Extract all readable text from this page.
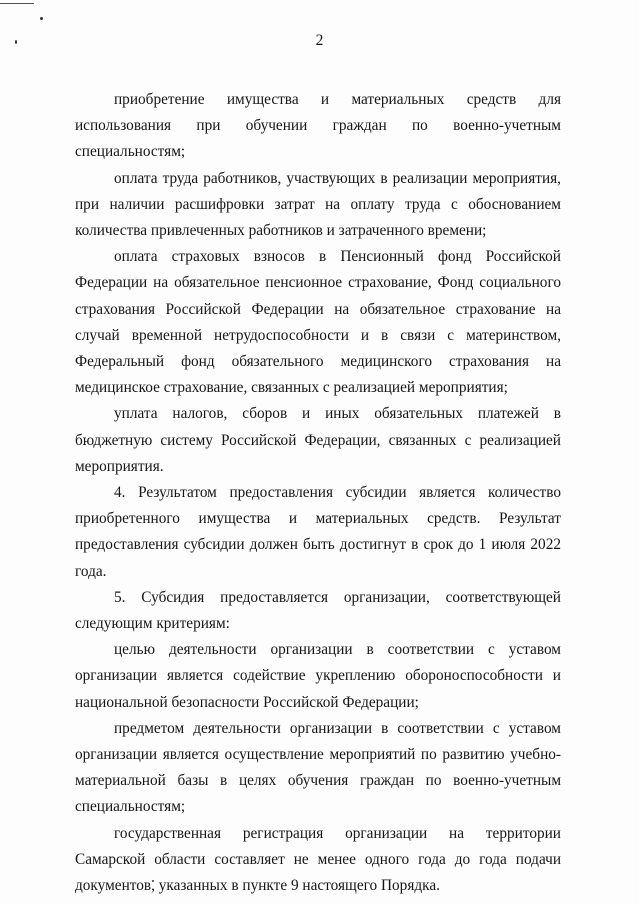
2

приобретение имущества и материальных средств для использования при обучении граждан по военно-учетным специальностям;

оплата труда работников, участвующих в реализации мероприятия, при наличии расшифровки затрат на оплату труда с обоснованием количества привлеченных работников и затраченного времени;

оплата страховых взносов в Пенсионный фонд Российской Федерации на обязательное пенсионное страхование, Фонд социального страхования Российской Федерации на обязательное страхование на случай временной нетрудоспособности и в связи с материнством, Федеральный фонд обязательного медицинского страхования на медицинское страхование, связанных с реализацией мероприятия;

уплата налогов, сборов и иных обязательных платежей в бюджетную систему Российской Федерации, связанных с реализацией мероприятия.

4. Результатом предоставления субсидии является количество приобретенного имущества и материальных средств. Результат предоставления субсидии должен быть достигнут в срок до 1 июля 2022 года.

5. Субсидия предоставляется организации, соответствующей следующим критериям:

целью деятельности организации в соответствии с уставом организации является содействие укреплению обороноспособности и национальной безопасности Российской Федерации;

предметом деятельности организации в соответствии с уставом организации является осуществление мероприятий по развитию учебно-материальной базы в целях обучения граждан по военно-учетным специальностям;

государственная регистрация организации на территории Самарской области составляет не менее одного года до года подачи документов, указанных в пункте 9 настоящего Порядка.
